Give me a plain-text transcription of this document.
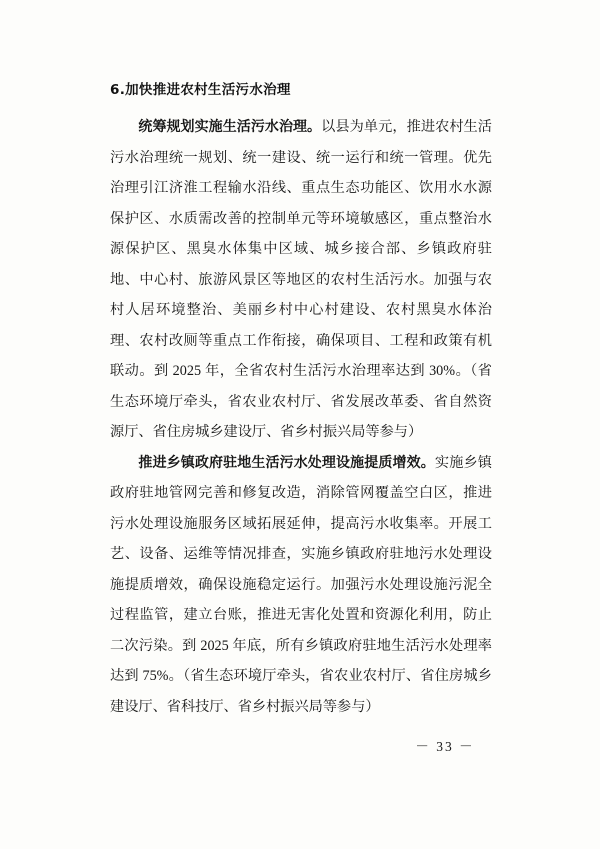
6.加快推进农村生活污水治理

统筹规划实施生活污水治理。以县为单元，推进农村生活污水治理统一规划、统一建设、统一运行和统一管理。优先治理引江济淮工程输水沿线、重点生态功能区、饮用水水源保护区、水质需改善的控制单元等环境敏感区，重点整治水源保护区、黑臭水体集中区域、城乡接合部、乡镇政府驻地、中心村、旅游风景区等地区的农村生活污水。加强与农村人居环境整治、美丽乡村中心村建设、农村黑臭水体治理、农村改厕等重点工作衔接，确保项目、工程和政策有机联动。到 2025 年，全省农村生活污水治理率达到 30%。（省生态环境厅牵头，省农业农村厅、省发展改革委、省自然资源厅、省住房城乡建设厅、省乡村振兴局等参与）

推进乡镇政府驻地生活污水处理设施提质增效。实施乡镇政府驻地管网完善和修复改造，消除管网覆盖空白区，推进污水处理设施服务区域拓展延伸，提高污水收集率。开展工艺、设备、运维等情况排查，实施乡镇政府驻地污水处理设施提质增效，确保设施稳定运行。加强污水处理设施污泥全过程监管，建立台账，推进无害化处置和资源化利用，防止二次污染。到 2025 年底，所有乡镇政府驻地生活污水处理率达到 75%。（省生态环境厅牵头，省农业农村厅、省住房城乡建设厅、省科技厅、省乡村振兴局等参与）

－ 33 －
